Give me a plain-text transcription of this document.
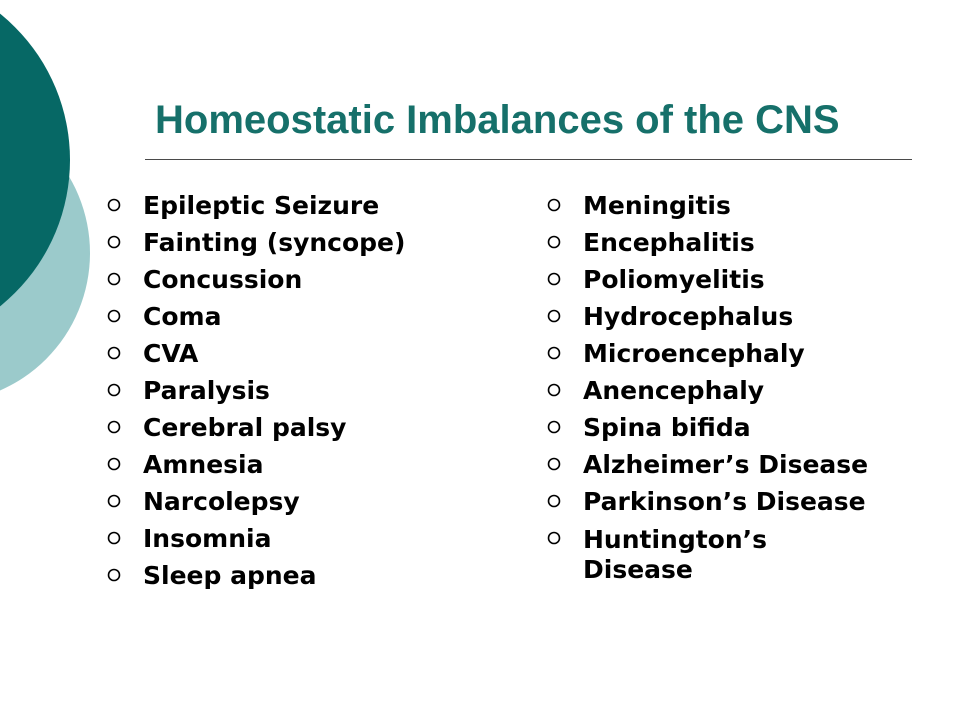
Homeostatic Imbalances of the CNS
Epileptic Seizure
Fainting (syncope)
Concussion
Coma
CVA
Paralysis
Cerebral palsy
Amnesia
Narcolepsy
Insomnia
Sleep apnea
Meningitis
Encephalitis
Poliomyelitis
Hydrocephalus
Microencephaly
Anencephaly
Spina bifida
Alzheimer’s Disease
Parkinson’s Disease
Huntington’s Disease
